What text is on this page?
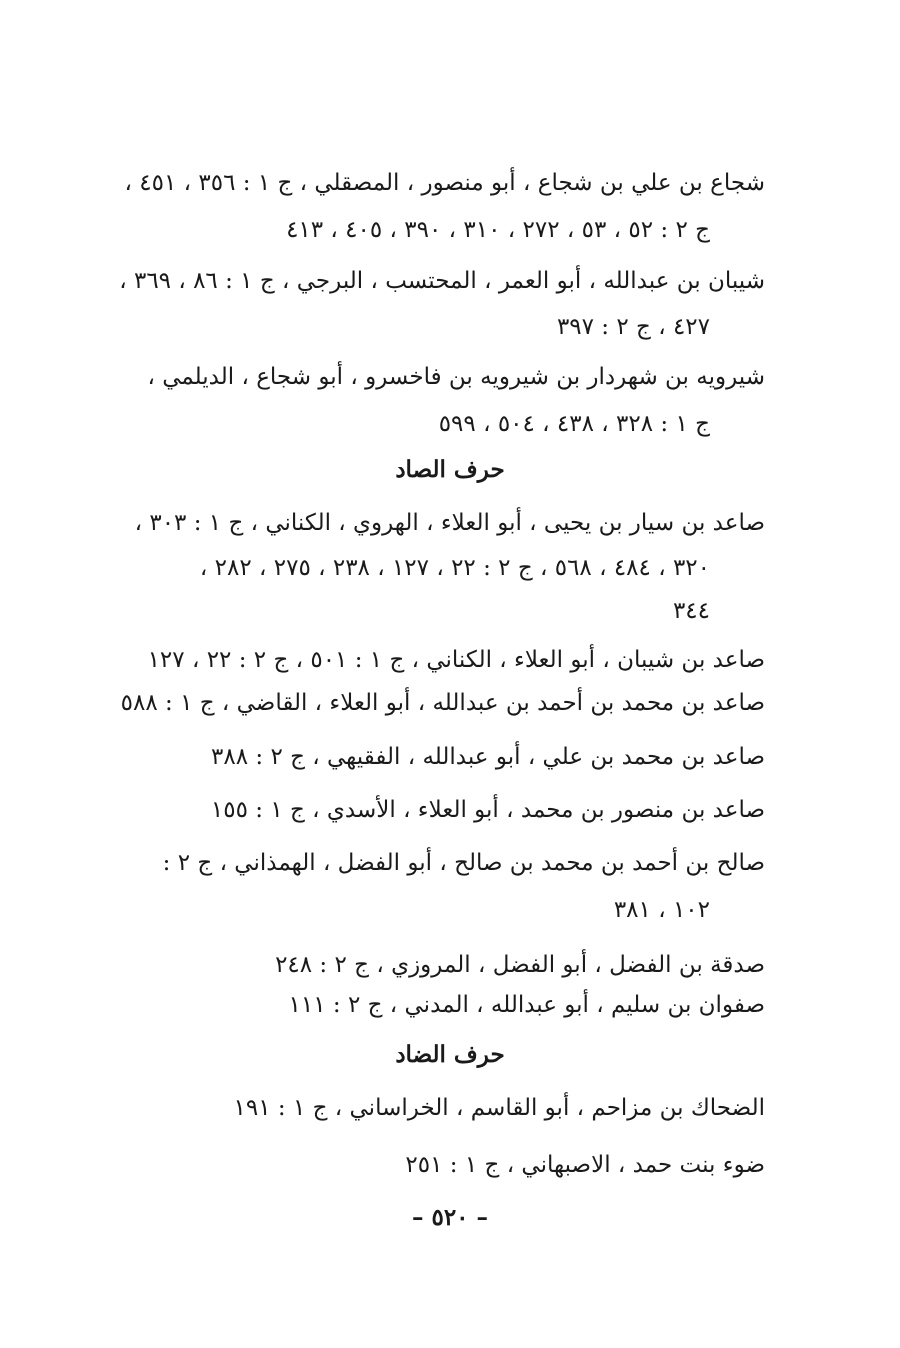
شجاع بن علي بن شجاع ، أبو منصور ، المصقلي ، ج ١ : ٣٥٦ ، ٤٥١ ،

ج ٢ : ٥٢ ، ٥٣ ، ٢٧٢ ، ٣١٠ ، ٣٩٠ ، ٤٠٥ ، ٤١٣

شيبان بن عبدالله ، أبو العمر ، المحتسب ، البرجي ، ج ١ : ٨٦ ، ٣٦٩ ،

٤٢٧ ، ج ٢ : ٣٩٧

شيرويه بن شهردار بن شيرويه بن فاخسرو ، أبو شجاع ، الديلمي ،

ج ١ : ٣٢٨ ، ٤٣٨ ، ٥٠٤ ، ٥٩٩

حرف الصاد

صاعد بن سيار بن يحيى ، أبو العلاء ، الهروي ، الكناني ، ج ١ : ٣٠٣ ،

٣٢٠ ، ٤٨٤ ، ٥٦٨ ، ج ٢ : ٢٢ ، ١٢٧ ، ٢٣٨ ، ٢٧٥ ، ٢٨٢ ،

٣٤٤

صاعد بن شيبان ، أبو العلاء ، الكناني ، ج ١ : ٥٠١ ، ج ٢ : ٢٢ ، ١٢٧

صاعد بن محمد بن أحمد بن عبدالله ، أبو العلاء ، القاضي ، ج ١ : ٥٨٨

صاعد بن محمد بن علي ، أبو عبدالله ، الفقيهي ، ج ٢ : ٣٨٨

صاعد بن منصور بن محمد ، أبو العلاء ، الأسدي ، ج ١ : ١٥٥

صالح بن أحمد بن محمد بن صالح ، أبو الفضل ، الهمذاني ، ج ٢ :

١٠٢ ، ٣٨١

صدقة بن الفضل ، أبو الفضل ، المروزي ، ج ٢ : ٢٤٨

صفوان بن سليم ، أبو عبدالله ، المدني ، ج ٢ : ١١١

حرف الضاد

الضحاك بن مزاحم ، أبو القاسم ، الخراساني ، ج ١ : ١٩١

ضوء بنت حمد ، الاصبهاني ، ج ١ : ٢٥١

– ٥٢٠ –
